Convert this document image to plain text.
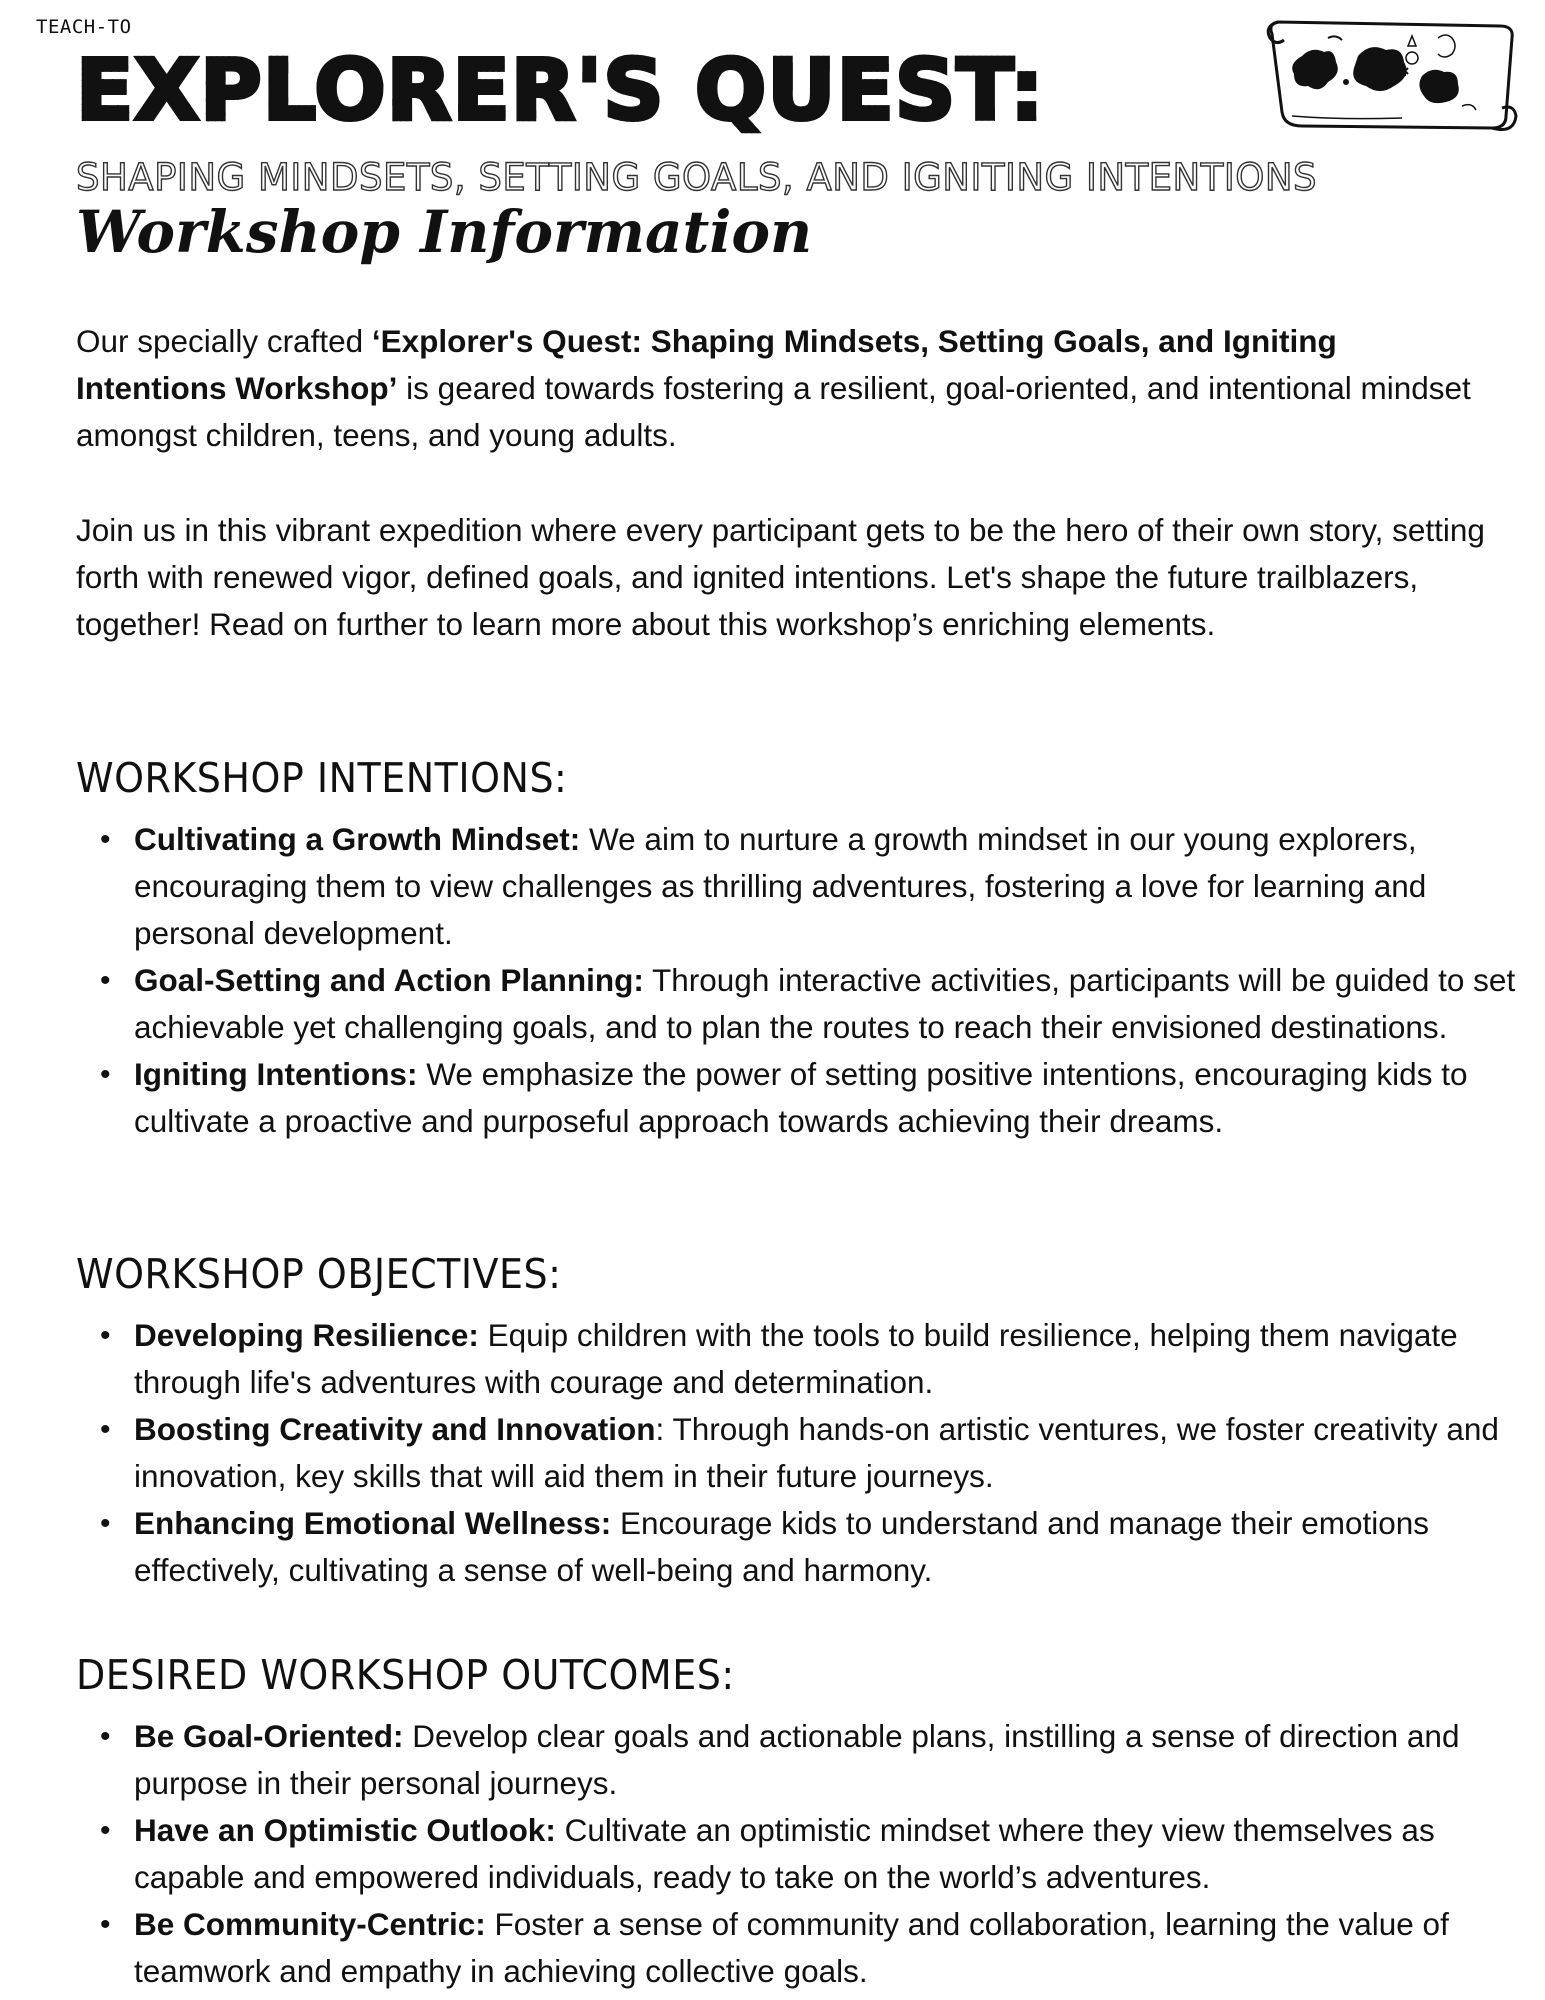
TEACH-TO
EXPLORER'S QUEST:
SHAPING MINDSETS, SETTING GOALS, AND IGNITING INTENTIONS
Workshop Information

Our specially crafted ‘Explorer's Quest: Shaping Mindsets, Setting Goals, and Igniting Intentions Workshop’ is geared towards fostering a resilient, goal-oriented, and intentional mindset amongst children, teens, and young adults.

Join us in this vibrant expedition where every participant gets to be the hero of their own story, setting forth with renewed vigor, defined goals, and ignited intentions. Let's shape the future trailblazers, together! Read on further to learn more about this workshop’s enriching elements.

WORKSHOP INTENTIONS:
• Cultivating a Growth Mindset: We aim to nurture a growth mindset in our young explorers, encouraging them to view challenges as thrilling adventures, fostering a love for learning and personal development.
• Goal-Setting and Action Planning: Through interactive activities, participants will be guided to set achievable yet challenging goals, and to plan the routes to reach their envisioned destinations.
• Igniting Intentions: We emphasize the power of setting positive intentions, encouraging kids to cultivate a proactive and purposeful approach towards achieving their dreams.
WORKSHOP OBJECTIVES:
• Developing Resilience: Equip children with the tools to build resilience, helping them navigate through life's adventures with courage and determination.
• Boosting Creativity and Innovation: Through hands-on artistic ventures, we foster creativity and innovation, key skills that will aid them in their future journeys.
• Enhancing Emotional Wellness: Encourage kids to understand and manage their emotions effectively, cultivating a sense of well-being and harmony.
DESIRED WORKSHOP OUTCOMES:
• Be Goal-Oriented: Develop clear goals and actionable plans, instilling a sense of direction and purpose in their personal journeys.
• Have an Optimistic Outlook: Cultivate an optimistic mindset where they view themselves as capable and empowered individuals, ready to take on the world’s adventures.
• Be Community-Centric: Foster a sense of community and collaboration, learning the value of teamwork and empathy in achieving collective goals.
